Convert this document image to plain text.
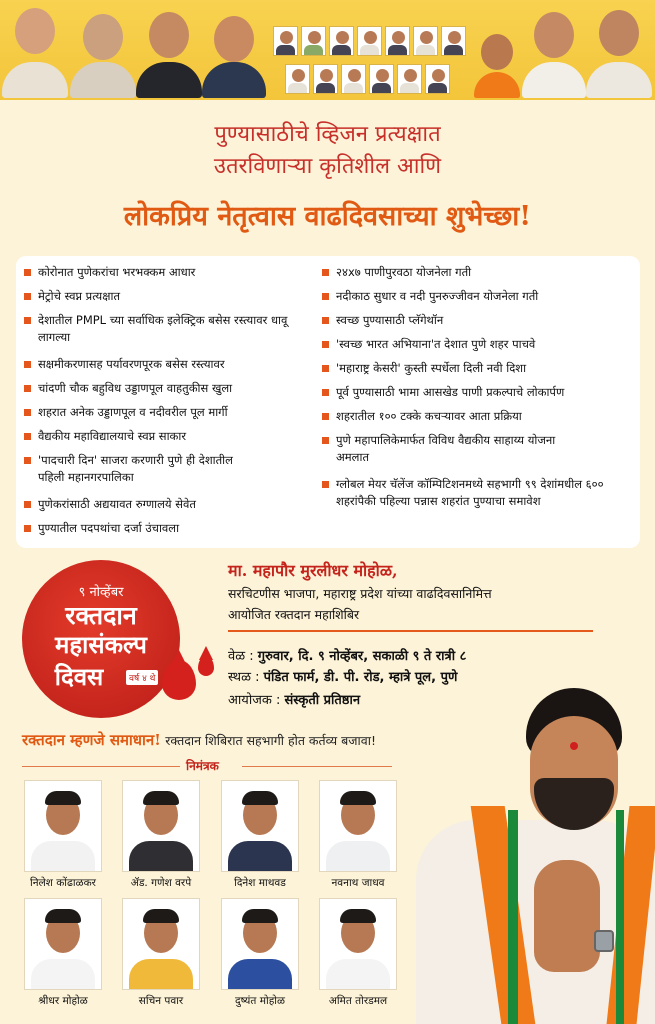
पुण्यासाठीचे व्हिजन प्रत्यक्षात
उतरविणाऱ्या कृतिशील आणि
लोकप्रिय नेतृत्वास वाढदिवसाच्या शुभेच्छा!
कोरोनात पुणेकरांचा भरभक्कम आधार
मेट्रोचे स्वप्न प्रत्यक्षात
देशातील PMPL च्या सर्वाधिक इलेक्ट्रिक बसेस रस्त्यावर धावू लागल्या
सक्षमीकरणासह पर्यावरणपूरक बसेस रस्त्यावर
चांदणी चौक बहुविध उड्डाणपूल वाहतुकीस खुला
शहरात अनेक उड्डाणपूल व नदीवरील पूल मार्गी
वैद्यकीय महाविद्यालयाचे स्वप्न साकार
'पादचारी दिन' साजरा करणारी पुणे ही देशातील पहिली महानगरपालिका
पुणेकरांसाठी अद्ययावत रुग्णालये सेवेत
पुण्यातील पदपथांचा दर्जा उंचावला
२४x७ पाणीपुरवठा योजनेला गती
नदीकाठ सुधार व नदी पुनरुज्जीवन योजनेला गती
स्वच्छ पुण्यासाठी प्लॅगेथॉन
'स्वच्छ भारत अभियाना'त देशात पुणे शहर पाचवे
'महाराष्ट्र केसरी' कुस्ती स्पर्धेला दिली नवी दिशा
पूर्व पुण्यासाठी भामा आसखेड पाणी प्रकल्पाचे लोकार्पण
शहरातील १०० टक्के कचऱ्यावर आता प्रक्रिया
पुणे महापालिकेमार्फत विविध वैद्यकीय साहाय्य योजना अमलात
ग्लोबल मेयर चॅलेंज कॉम्पिटिशनमध्ये सहभागी ९९ देशांमधील ६०० शहरांपैकी पहिल्या पन्नास शहरांत पुण्याचा समावेश
९ नोव्हेंबर
रक्तदान
महासंकल्प
दिवस	वर्ष ४ थे
मा. महापौर मुरलीधर मोहोळ,
सरचिटणीस भाजपा, महाराष्ट्र प्रदेश यांच्या वाढदिवसानिमित्त
आयोजित रक्तदान महाशिबिर
वेळ : गुरुवार, दि. ९ नोव्हेंबर, सकाळी ९ ते रात्री ८
स्थळ : पंडित फार्म, डी. पी. रोड, म्हात्रे पूल, पुणे
आयोजक : संस्कृती प्रतिष्ठान
रक्तदान म्हणजे समाधान! रक्तदान शिबिरात सहभागी होत कर्तव्य बजावा!
निमंत्रक
निलेश कोंढाळकर	ॲड. गणेश वरपे	दिनेश माथवड	नवनाथ जाधव
श्रीधर मोहोळ	सचिन पवार	दुष्यंत मोहोळ	अमित तोरडमल
